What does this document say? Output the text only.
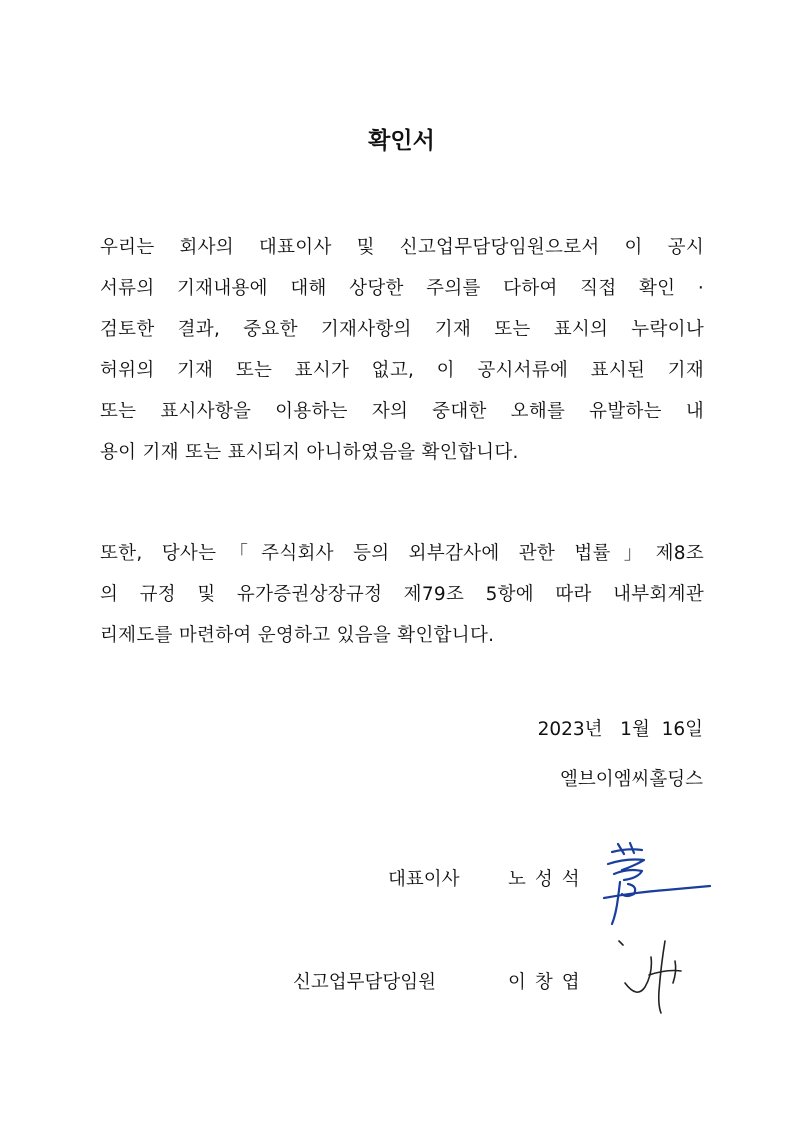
확인서
우리는 회사의 대표이사 및 신고업무담당임원으로서 이 공시
서류의 기재내용에 대해 상당한 주의를 다하여 직접 확인 ·
검토한 결과, 중요한 기재사항의 기재 또는 표시의 누락이나
허위의 기재 또는 표시가 없고, 이 공시서류에 표시된 기재
또는 표시사항을 이용하는 자의 중대한 오해를 유발하는 내
용이 기재 또는 표시되지 아니하였음을 확인합니다.
또한, 당사는「주식회사 등의 외부감사에 관한 법률」제8조
의 규정 및 유가증권상장규정 제79조 5항에 따라 내부회계관
리제도를 마련하여 운영하고 있음을 확인합니다.
2023년   1월  16일
엘브이엠씨홀딩스
대표이사	노성석
신고업무담당임원	이창엽
